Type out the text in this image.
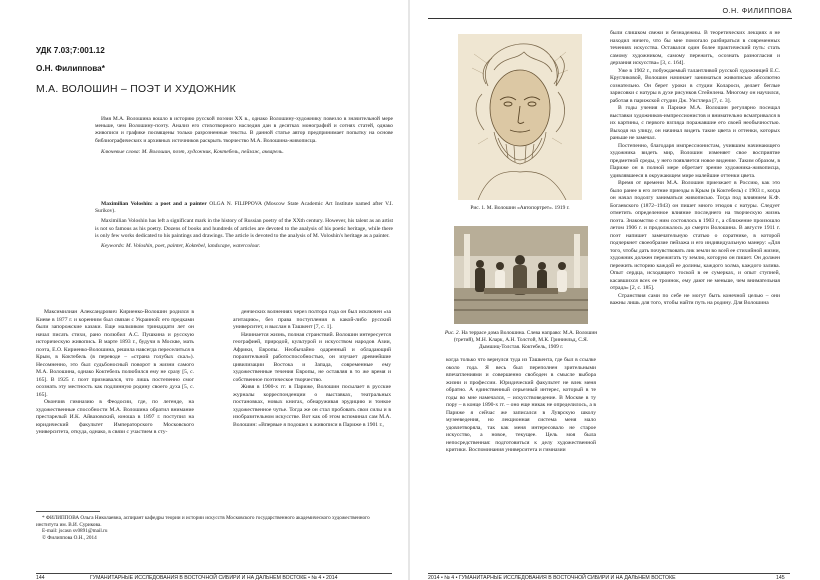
УДК 7.03;7:001.12
О.Н. Филиппова*
М.А. ВОЛОШИН – ПОЭТ И ХУДОЖНИК

Имя М.А. Волошина вошло в историю русской поэзии XX в., однако Волошину-художнику повезло в значительной мере меньше, чем Волошину-поэту. Анализ его стихотворного наследия дан в десятках монографий и сотнях статей, однако живописи и графике посвящены только разрозненные тексты. В данной статье автор предпринимает попытку на основе библиографических и архивных источников раскрыть творчество М.А. Волошина-живописца.

Ключевые слова: М. Волошин, поэт, художник, Коктебель, пейзаж, акварель.

Maximilian Voloshin: a poet and a painter OLGA N. FILIPPOVA (Moscow State Academic Art Institute named after V.I. Surikov).

Maximilian Voloshin has left a significant mark in the history of Russian poetry of the XXth century. However, his talent as an artist is not so famous as his poetry. Dozens of books and hundreds of articles are devoted to the analysis of his poetic heritage, while there is only few works dedicated to his paintings and drawings. The article is devoted to the analysis of M. Voloshin's heritage as a painter.

Keywords: M. Voloshin, poet, painter, Koktebel, landscape, watercolour.

Максимилиан Александрович Кириенко-Волошин родился в Киеве в 1877 г. и коренним был связан с Украиной: его предками были запорожские казаки. Еще мальчиком тринадцати лет он начал писать стихи, рано полюбил А.С. Пушкина и русскую историческую живопись. В марте 1893 г., будучи в Москве, мать поэта, Е.О. Кириенко-Волошина, решила навсегда переселиться в Крым, в Коктебель (в переводе – «страна голубых скал»). Несомненно, это был судьбоносный поворот в жизни самого М.А. Волошина, однако Коктебель полюбился ему не сразу [5, с. 165]. В 1925 г. поэт признавался, что лишь постепенно смог осознать эту местность как подлинную родину своего духа [5, с. 165].

Окончив гимназию в Феодосии, где, по легенде, на художественные способности М.А. Волошина обратил внимание престарелый И.К. Айвазовский, юноша в 1897 г. поступил на юридический факультет Императорского Московского университета, откуда, однако, в связи с участием в сту-

денческих волнениях через полтора года он был исключен «за агитацию», без права поступления в какой-либо русский университет, и выслан в Ташкент [7, с. 1].

Начинается жизнь, полная странствий. Волошин интересуется географией, природой, культурой и искусством народов Азии, Африки, Европы. Необычайно одаренный и обладающий поразительной работоспособностью, он изучает древнейшие цивилизации Востока и Запада, современные ему художественные течения Европы, не оставляя в то же время и собственное поэтическое творчество.

Живя в 1900-х гг. в Париже, Волошин посылает в русские журналы корреспонденции о выставках, театральных постановках, новых книгах, обнаруживая эрудицию и тонкое художественное чутье. Тогда же он стал пробовать свои силы и в изобразительном искусстве. Вот как об этом вспоминал сам М.А. Волошин: «Впервые я подошел к живописи в Париже в 1901 г.,

* ФИЛИППОВА Ольга Николаевна, аспирант кафедры теории и истории искусств Московского государственного академического художественного института им. В.И. Сурикова.

E-mail: jscasn sv0891@mail.ru

© Филиппова О.Н., 2014

144	ГУМАНИТАРНЫЕ ИССЛЕДОВАНИЯ В ВОСТОЧНОЙ СИБИРИ И НА ДАЛЬНЕМ ВОСТОКЕ • № 4 • 2014
О.Н. ФИЛИППОВА
Рис. 1. М. Волошин «Автопортрет». 1919 г.
Рис. 2. На террасе дома Волошина. Слева направо: М.А. Волошин (третий), М.Н. Кларк, А.Н. Толстой, М.К. Грининльд, С.Я. Дымшиц-Толстая. Коктебель, 1909 г.

когда только что вернулся туда из Ташкента, где был в ссылке около года. Я весь был переполнен зрительными впечатлениями и совершенно свободен в смысле выбора жизни и профессии. Юридический факультет не влек меня обратно. А единственный серьезный интерес, который в те годы во мне намечался, – искусствоведение. В Москве в ту пору – в конце 1890-х гг. – оно еще никак не определилось, а в Париже я сейчас же записался в Луврскую школу музееведения, но лекционная система меня мало удовлетворяла, так как меня интересовало не старое искусство, а новое, текущее. Цель моя была непосредственная: подготовиться к делу художественной критики. Воспоминания университета и гимназии

были слишком свежи и безнадежны. В теоретических лекциях я не находил ничего, что бы мне помогало разбираться в современных течениях искусства. Оставался один более практический путь: стать самому художником, самому пережить, осознать разногласия и дерзания искусства» [3, с. 164].

Уже в 1902 г., побуждаемый талантливой русской художницей Е.С. Кругликовой, Волошин начинает заниматься живописью абсолютно сознательно. Он берет уроки в студии Колароси, делает беглые зарисовки с натуры в духе рисунков Стейнлена. Многому он научился, работая в парижской студии Дж. Уистлера [7, с. 3].

В годы учения в Париже М.А. Волошин регулярно посещал выставки художников-импрессионистов и внимательно всматривался в их картины, с первого взгляда поражавшие его своей необычностью. Выходя на улицу, он начинал видеть такие цвета и оттенки, которых раньше не замечал.

Постепенно, благодаря импрессионистам, учившим начинающего художника видеть мир, Волошин изменяет свое восприятие предметной среды, у него появляется новое видение. Таким образом, в Париже он в полной мере обретает зрение художника-живописца, удивлявшееся в окружающем мире малейшие оттенки цвета.

Время от времени М.А. Волошин приезжает в Россию, как это было ранее в его летние приезды в Крым (в Коктебель) с 1903 г., когда он начал подолгу заниматься живописью. Тогда под влиянием К.Ф. Богаевского (1872–1943) он пишет много этюдов с натуры. Следует отметить определенное влияние последнего на творческую жизнь поэта. Знакомство с ним состоялось в 1903 г., а сближение произошло летом 1906 г. и продолжалось до смерти Волошина. В августе 1911 г. поэт напишет замечательную статью о соратнике, в которой подчеркнет своеобразие пейзажа и его индивидуальную манеру: «Для того, чтобы дать почувствовать лик земли во всей ее стихийной жизни, художник должен пережигать ту землю, которую он пишет. Он должен пережить историю каждой ее долины, каждого холма, каждого залива. Опыт сердца, исходящего тоской в ее сумерках, и опыт ступней, касавшихся всех ее троинок, ему дают не меньше, чем внимательная отрада» [2, с. 185].

Странствия сами по себе не могут быть конечной целью – они важны лишь для того, чтобы найти путь на родину. Для Волошина

2014 • № 4 • ГУМАНИТАРНЫЕ ИССЛЕДОВАНИЯ В ВОСТОЧНОЙ СИБИРИ И НА ДАЛЬНЕМ ВОСТОКЕ	145
